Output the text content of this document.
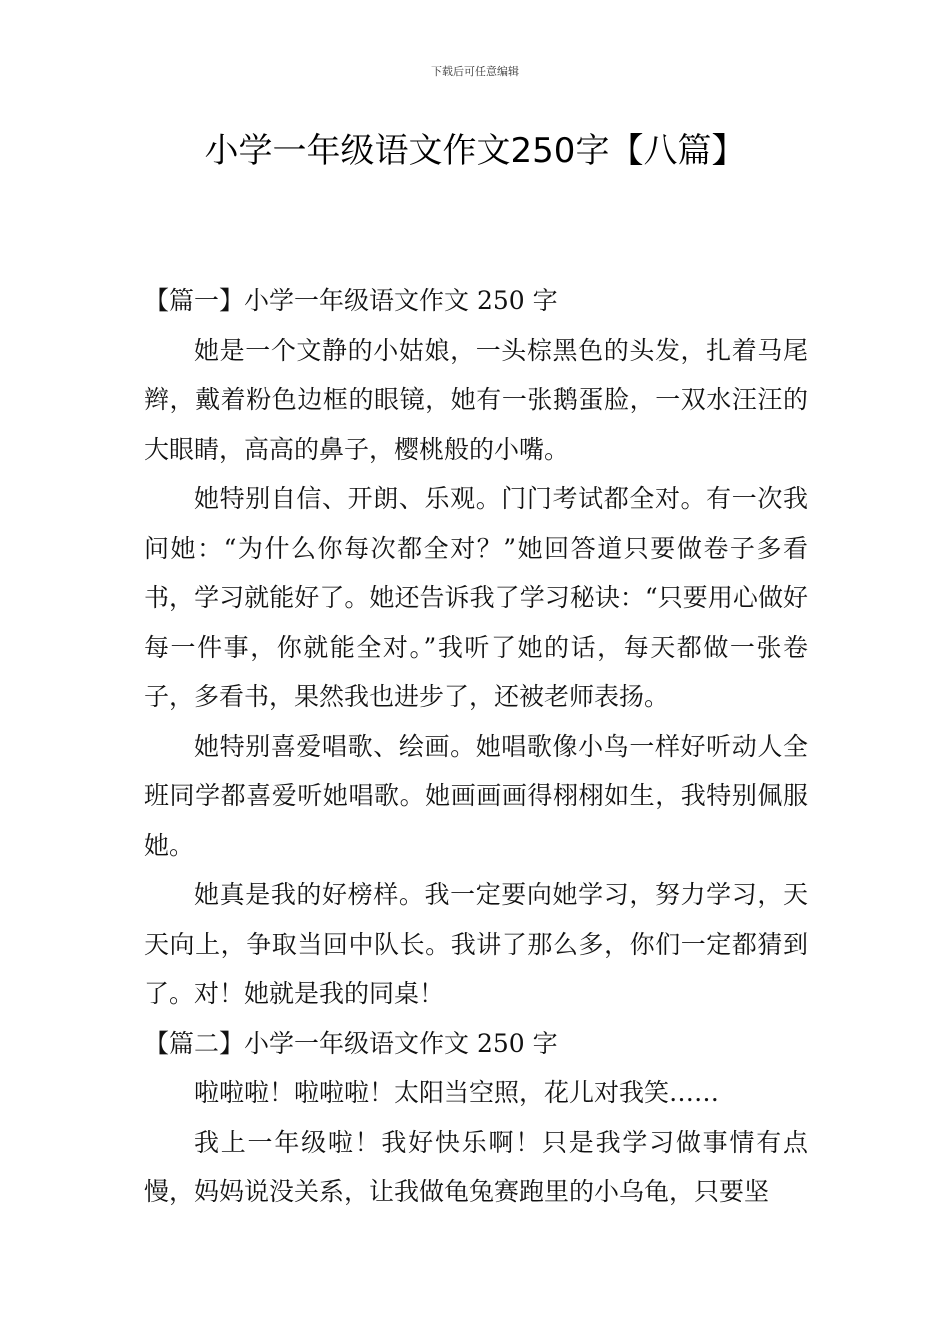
下载后可任意编辑
小学一年级语文作文250字【八篇】
【篇一】小学一年级语文作文 250 字

她是一个文静的小姑娘，一头棕黑色的头发，扎着马尾辫，戴着粉色边框的眼镜，她有一张鹅蛋脸，一双水汪汪的大眼睛，高高的鼻子，樱桃般的小嘴。

她特别自信、开朗、乐观。门门考试都全对。有一次我问她：“为什么你每次都全对？”她回答道只要做卷子多看书，学习就能好了。她还告诉我了学习秘诀：“只要用心做好每一件事，你就能全对。”我听了她的话，每天都做一张卷子，多看书，果然我也进步了，还被老师表扬。

她特别喜爱唱歌、绘画。她唱歌像小鸟一样好听动人全班同学都喜爱听她唱歌。她画画画得栩栩如生，我特别佩服她。

她真是我的好榜样。我一定要向她学习，努力学习，天天向上，争取当回中队长。我讲了那么多，你们一定都猜到了。对！她就是我的同桌！

【篇二】小学一年级语文作文 250 字

啦啦啦！啦啦啦！太阳当空照，花儿对我笑……

我上一年级啦！我好快乐啊！只是我学习做事情有点慢，妈妈说没关系，让我做龟兔赛跑里的小乌龟，只要坚
